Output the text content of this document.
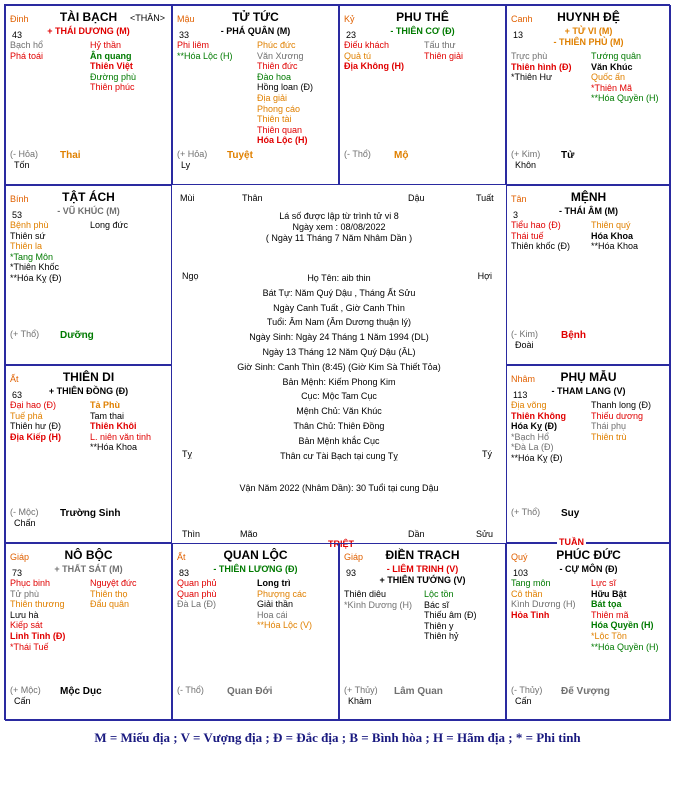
Mùi	Thân	Dậu	Tuất
Thìn	Mão	Dần	Sửu
Ngọ	Hợi
Tỵ	Tý
TRIỆT
Lá số được lập từ trình tử vi 8
Ngày xem : 08/08/2022
( Ngày 11 Tháng 7 Năm Nhâm Dần )
Họ Tên: aib thin
Bát Tự: Năm Quý Dậu , Tháng Ất Sửu
Ngày Canh Tuất , Giờ Canh Thìn
Tuổi: Âm Nam (Âm Dương thuận lý)
Ngày Sinh: Ngày 24 Tháng 1 Năm 1994 (DL)
Ngày 13 Tháng 12 Năm Quý Dậu (ÂL)
Giờ Sinh: Canh Thìn (8:45) (Giờ Kim Sà Thiết Tỏa)
Bản Mệnh: Kiếm Phong Kim
Cục: Mộc Tam Cục
Mệnh Chủ: Văn Khúc
Thân Chủ: Thiên Đồng
Bản Mệnh khắc Cục
Thân cư Tài Bạch tại cung Tỵ
Vận Năm 2022 (Nhâm Dần): 30 Tuổi tại cung Dậu
Đinh
43
TÀI BẠCH	<THÂN>
+ THÁI DƯƠNG (M)
Bạch hổ
Phá toái
Hỷ thần
Ân quang
Thiên Việt
Đường phù
Thiên phúc
(- Hỏa)
Tốn
Thai
Mậu
33
TỬ TỨC
- PHÁ QUÂN (M)
Phi liêm
**Hóa Lộc (H)
Phúc đức
Văn Xương
Thiên đức
Đào hoa
Hồng loan (Đ)
Địa giải
Phong cáo
Thiên tài
Thiên quan
Hóa Lộc (H)
(+ Hỏa)
Ly
Tuyệt
Kỷ
23
PHU THÊ
- THIÊN CƠ (Đ)
Điếu khách
Quả tú
Địa Không (H)
Tấu thư
Thiên giải
(- Thổ) Mộ
Canh
13
HUYNH ĐỆ
+ TỬ VI (M)
- THIÊN PHỦ (M)
Trực phù
Thiên hình (Đ)
*Thiên Hư
Tướng quân
Văn Khúc
Quốc ấn
*Thiên Mã
**Hóa Quyền (H)
(+ Kim)
Khôn
Tử
Bính
53
TẬT ÁCH
- VŨ KHÚC (M)
Bệnh phù
Thiên sứ
Thiên la
*Tang Môn
*Thiên Khốc
**Hóa Kỵ (Đ)
Long đức
(+ Thổ) Dưỡng
Tân
3
MỆNH
- THÁI ÂM (M)
Tiểu hao (Đ)
Thái tuế
Thiên khốc (Đ)
Thiên quý
Hóa Khoa
**Hóa Khoa
(- Kim)
Đoài
Bệnh
Ất
63
THIÊN DI
+ THIÊN ĐỒNG (Đ)
Đại hao (Đ)
Tuế phá
Thiên hư (Đ)
Địa Kiếp (H)
Tả Phù
Tam thai
Thiên Khôi
L. niên văn tinh
**Hóa Khoa
(- Mộc)
Chấn
Trường Sinh
Nhâm
113
PHỤ MẪU
- THAM LANG (V)
Địa võng
Thiên Không
Hóa Kỵ (Đ)
*Bạch Hổ
*Đà La (Đ)
**Hóa Kỵ (Đ)
Thanh long (Đ)
Thiếu dương
Thái phụ
Thiên trù
(+ Thổ) Suy
Giáp
73
NÔ BỘC
+ THẤT SÁT (M)
Phục binh
Tử phù
Thiên thương
Lưu hà
Kiếp sát
Linh Tinh (Đ)
*Thái Tuế
Nguyệt đức
Thiên thọ
Đẩu quân
(+ Mộc)
Cấn
Mộc Dục
Ất
83
QUAN LỘC
- THIÊN LƯƠNG (Đ)
Quan phủ
Quan phù
Đà La (Đ)
Long trì
Phượng các
Giải thần
Hoa cái
**Hóa Lộc (V)
(- Thổ) Quan Đới
Giáp
93
ĐIỀN TRẠCH
- LIÊM TRINH (V)
+ THIÊN TƯỚNG (V)
Thiên diêu
*Kình Dương (H)
Lộc tồn
Bác sĩ
Thiếu âm (Đ)
Thiên y
Thiên hỷ
(+ Thủy)
Khảm
Lâm Quan
Quý
103
PHÚC ĐỨC
- CỰ MÔN (Đ)
Tang môn
Cô thần
Kình Dương (H)
Hỏa Tinh
Lực sĩ
Hữu Bật
Bát tọa
Thiên mã
Hóa Quyền (H)
*Lộc Tồn
**Hóa Quyền (H)
(- Thủy)
Cấn
Đế Vượng
TUẦN
M = Miếu địa ; V = Vượng địa ; Đ = Đắc địa ; B = Bình hòa ; H = Hãm địa ; * = Phi tinh
